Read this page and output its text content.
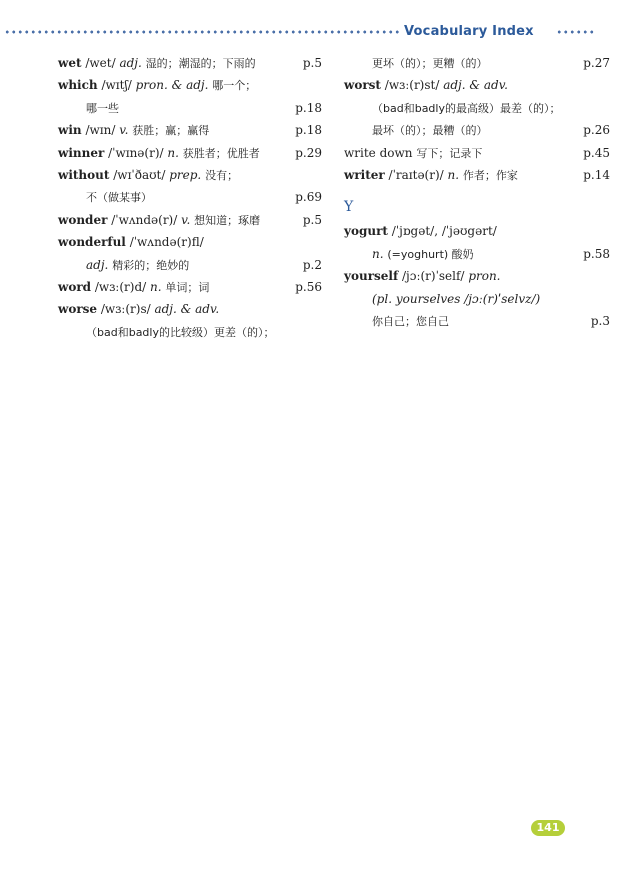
Vocabulary Index
wet /wet/ adj. 湿的；潮湿的；下雨的	p.5
which /wɪtʃ/ pron. & adj. 哪一个；
哪一些	p.18
win /wɪn/ v. 获胜；赢；赢得	p.18
winner /ˈwɪnə(r)/ n. 获胜者；优胜者	p.29
without /wɪˈðaʊt/ prep. 没有；
不（做某事）	p.69
wonder /ˈwʌndə(r)/ v. 想知道；琢磨	p.5
wonderful /ˈwʌndə(r)fl/
adj. 精彩的；绝妙的	p.2
word /wɜː(r)d/ n. 单词；词	p.56
worse /wɜː(r)s/ adj. & adv.
（bad和badly的比较级）更差（的）；
更坏（的）；更糟（的）	p.27
worst /wɜː(r)st/ adj. & adv.
（bad和badly的最高级）最差（的）；
最坏（的）；最糟（的）	p.26
write down 写下；记录下	p.45
writer /ˈraɪtə(r)/ n. 作者；作家	p.14
Y
yogurt /ˈjɒgət/, /ˈjəʊgərt/
n. (=yoghurt) 酸奶	p.58
yourself /jɔː(r)ˈself/ pron.
(pl. yourselves /jɔː(r)ˈselvz/)
你自己；您自己	p.3
141
